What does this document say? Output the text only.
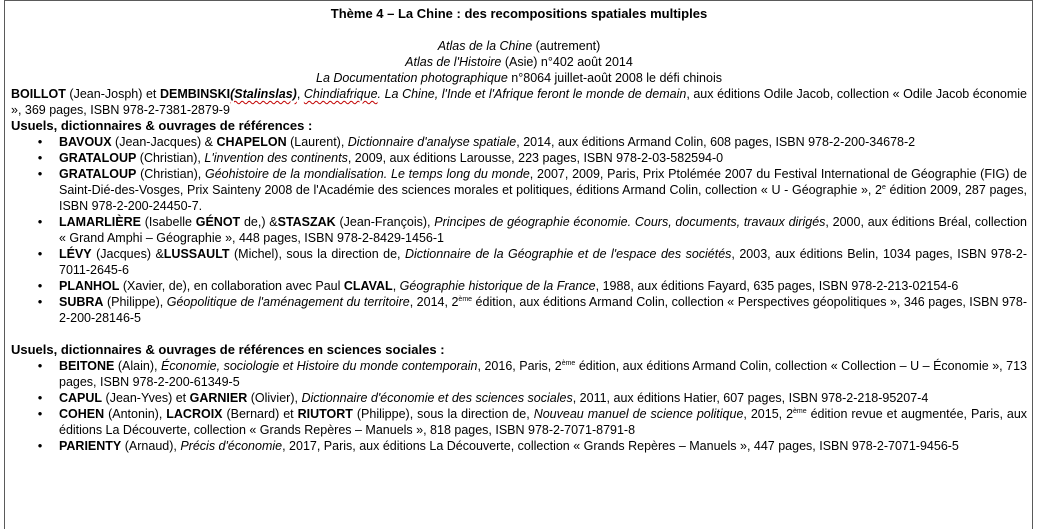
Thème 4 – La Chine : des recompositions spatiales multiples
Atlas de la Chine (autrement)
Atlas de l'Histoire (Asie) n°402 août 2014
La Documentation photographique n°8064 juillet-août 2008 le défi chinois
BOILLOT (Jean-Josph) et DEMBINSKI(Stalinslas), Chindiafrique. La Chine, l'Inde et l'Afrique feront le monde de demain, aux éditions Odile Jacob, collection « Odile Jacob économie », 369 pages, ISBN 978-2-7381-2879-9
Usuels, dictionnaires & ouvrages de références :
• BAVOUX (Jean-Jacques) & CHAPELON (Laurent), Dictionnaire d'analyse spatiale, 2014, aux éditions Armand Colin, 608 pages, ISBN 978-2-200-34678-2
• GRATALOUP (Christian), L'invention des continents, 2009, aux éditions Larousse, 223 pages, ISBN 978-2-03-582594-0
• GRATALOUP (Christian), Géohistoire de la mondialisation. Le temps long du monde, 2007, 2009, Paris, Prix Ptolémée 2007 du Festival International de Géographie (FIG) de Saint-Dié-des-Vosges, Prix Sainteny 2008 de l'Académie des sciences morales et politiques, éditions Armand Colin, collection « U - Géographie », 2e édition 2009, 287 pages, ISBN 978-2-200-24450-7.
• LAMARLIÈRE (Isabelle GÉNOT de,) &STASZAK (Jean-François), Principes de géographie économie. Cours, documents, travaux dirigés, 2000, aux éditions Bréal, collection « Grand Amphi – Géographie », 448 pages, ISBN 978-2-8429-1456-1
• LÉVY (Jacques) &LUSSAULT (Michel), sous la direction de, Dictionnaire de la Géographie et de l'espace des sociétés, 2003, aux éditions Belin, 1034 pages, ISBN 978-2-7011-2645-6
• PLANHOL (Xavier, de), en collaboration avec Paul CLAVAL, Géographie historique de la France, 1988, aux éditions Fayard, 635 pages, ISBN 978-2-213-02154-6
• SUBRA (Philippe), Géopolitique de l'aménagement du territoire, 2014, 2ème édition, aux éditions Armand Colin, collection « Perspectives géopolitiques », 346 pages, ISBN 978-2-200-28146-5
Usuels, dictionnaires & ouvrages de références en sciences sociales :
• BEITONE (Alain), Économie, sociologie et Histoire du monde contemporain, 2016, Paris, 2ème édition, aux éditions Armand Colin, collection « Collection – U – Économie », 713 pages, ISBN 978-2-200-61349-5
• CAPUL (Jean-Yves) et GARNIER (Olivier), Dictionnaire d'économie et des sciences sociales, 2011, aux éditions Hatier, 607 pages, ISBN 978-2-218-95207-4
• COHEN (Antonin), LACROIX (Bernard) et RIUTORT (Philippe), sous la direction de, Nouveau manuel de science politique, 2015, 2ème édition revue et augmentée, Paris, aux éditions La Découverte, collection « Grands Repères – Manuels », 818 pages, ISBN 978-2-7071-8791-8
• PARIENTY (Arnaud), Précis d'économie, 2017, Paris, aux éditions La Découverte, collection « Grands Repères – Manuels », 447 pages, ISBN 978-2-7071-9456-5
